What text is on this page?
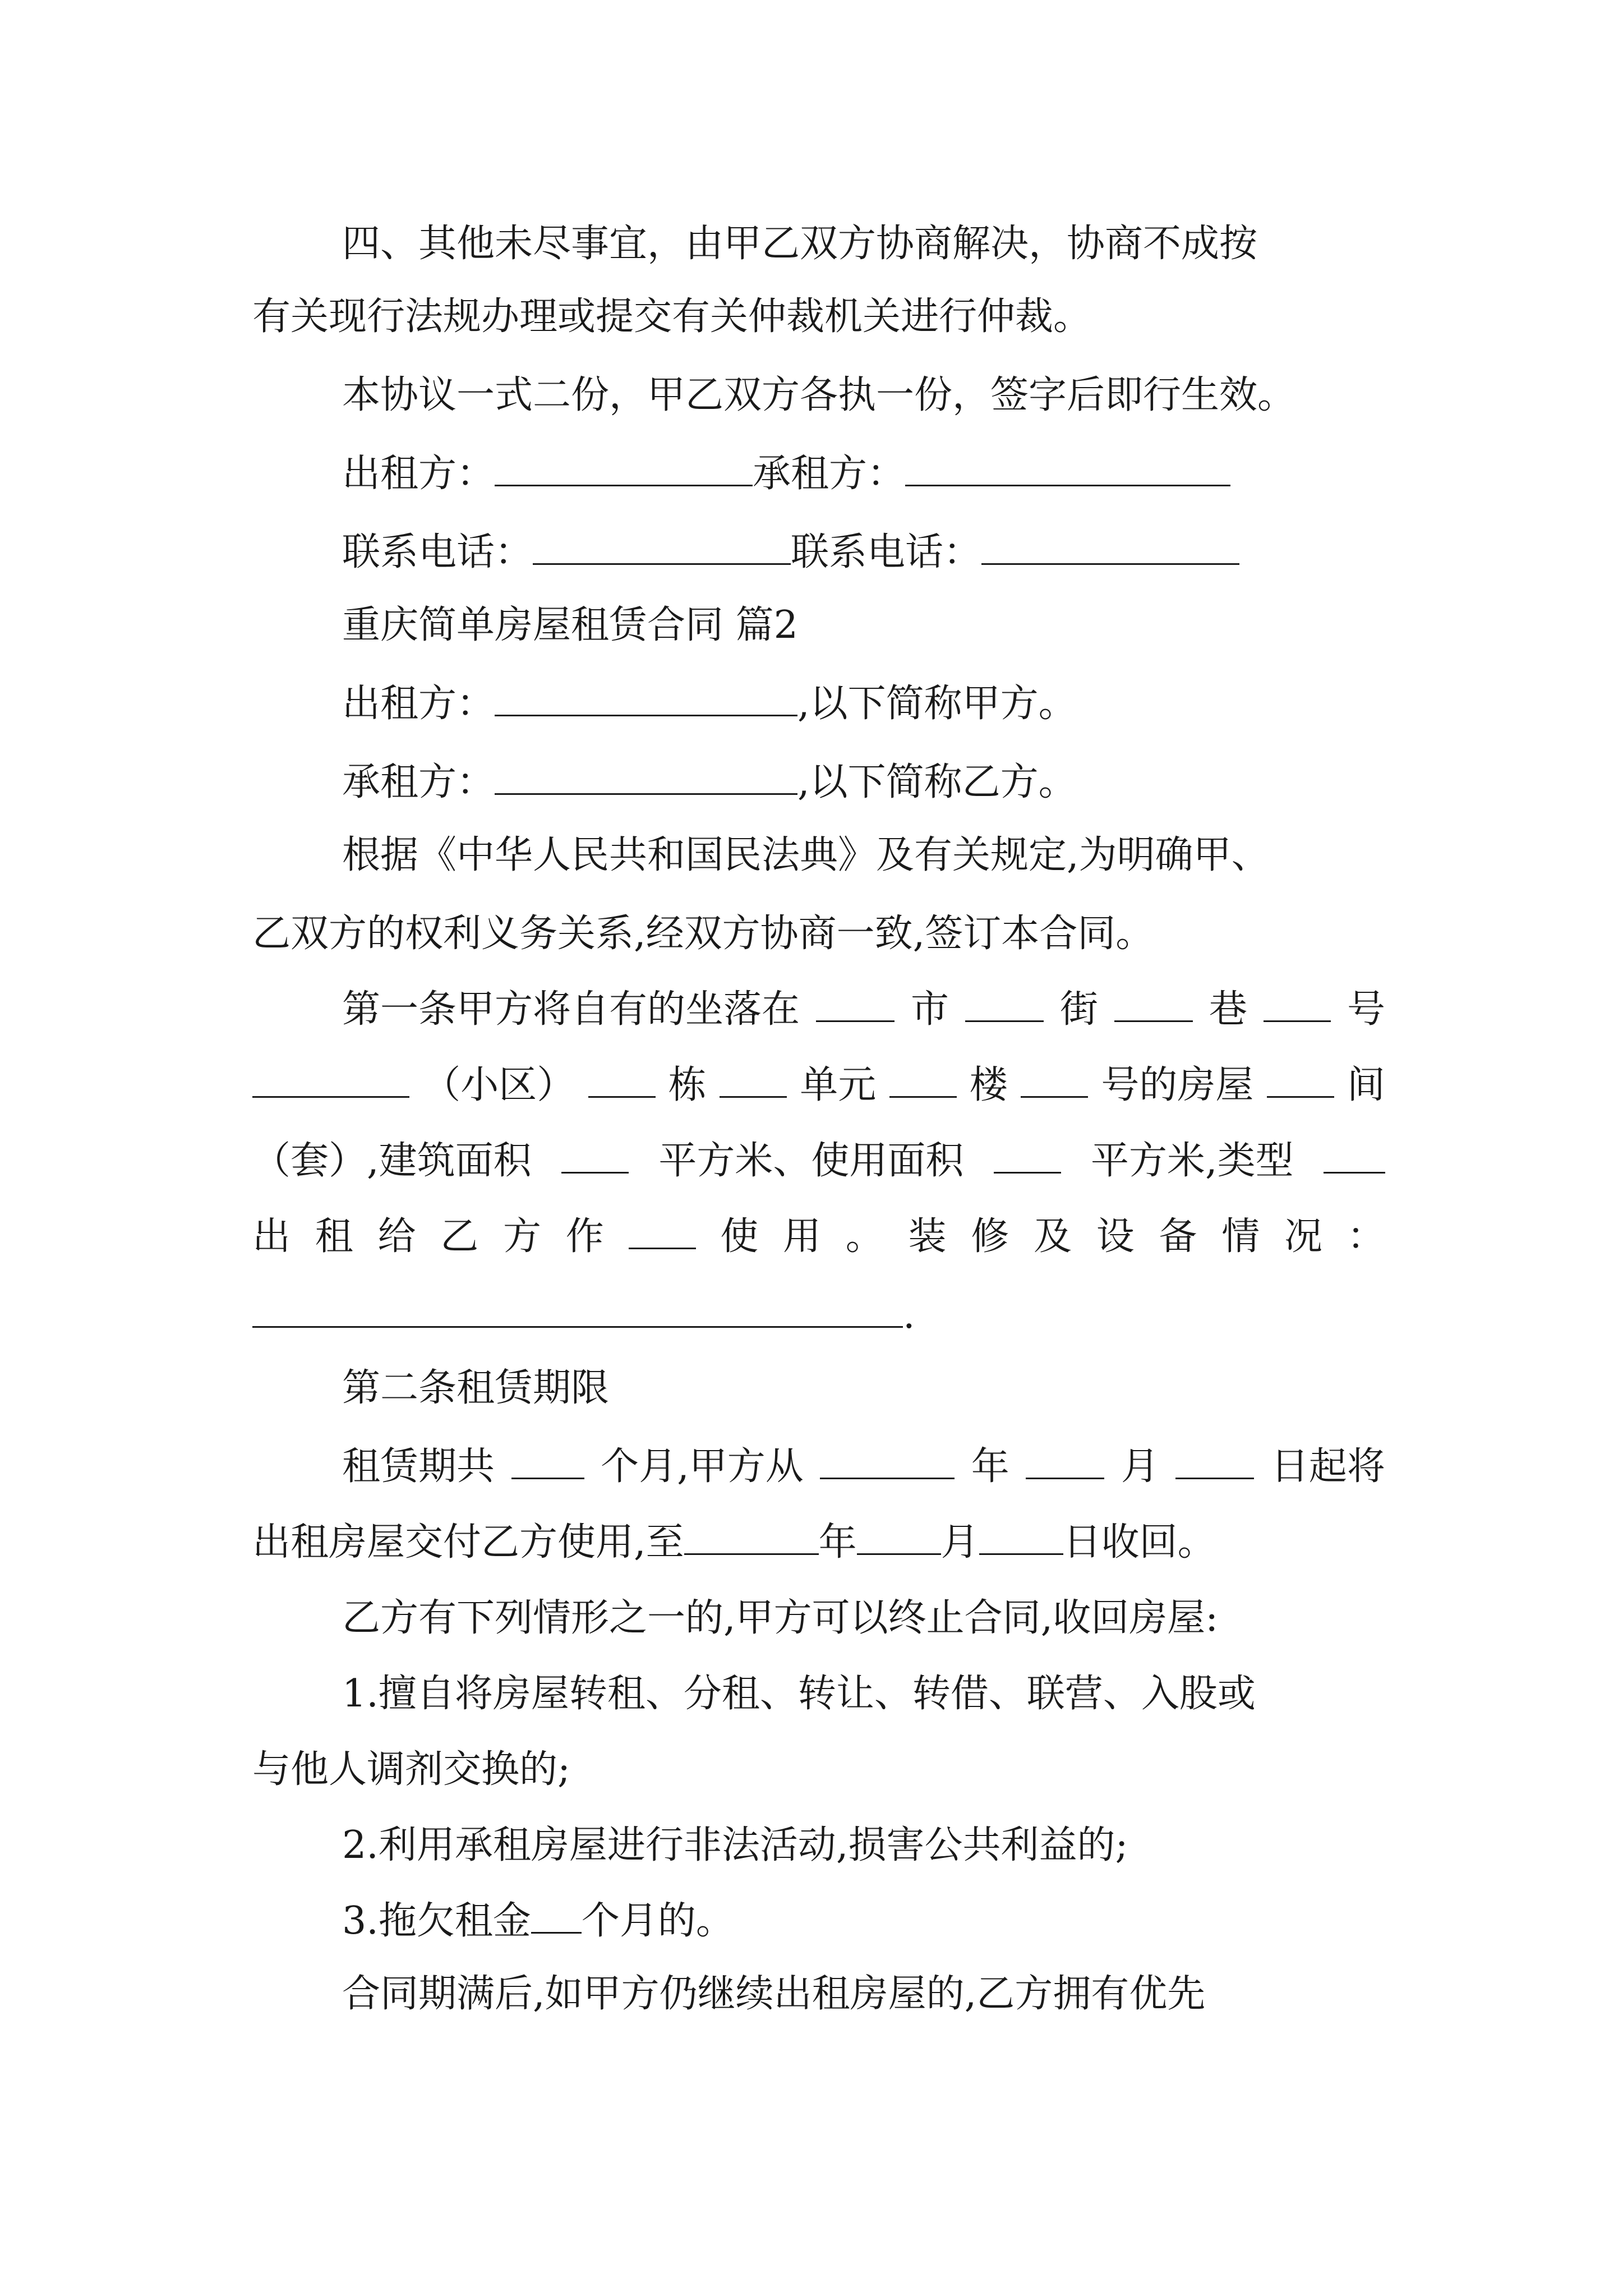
四、其他未尽事宜，由甲乙双方协商解决，协商不成按
有关现行法规办理或提交有关仲裁机关进行仲裁。
本协议一式二份，甲乙双方各执一份，签字后即行生效。
出租方：	承租方：
联系电话：	联系电话：
重庆简单房屋租赁合同 篇2
出租方：	,以下简称甲方。
承租方：	,以下简称乙方。
根据《中华人民共和国民法典》及有关规定,为明确甲、
乙双方的权利义务关系,经双方协商一致,签订本合同。
第一条甲方将自有的坐落在	市	街	巷	号
（小区） 栋 单元 楼 号的房屋 间
（套）,建筑面积	平方米、使用面积	平方米,类型
出 租 给 乙 方 作	使 用 。 装 修 及 设 备 情 况 ：
.
第二条租赁期限
租赁期共	个月,甲方从	年	月	日起将
出租房屋交付乙方使用,至	年 月 日收回。
乙方有下列情形之一的,甲方可以终止合同,收回房屋:
1.擅自将房屋转租、分租、转让、转借、联营、入股或
与他人调剂交换的;
2.利用承租房屋进行非法活动,损害公共利益的;
3.拖欠租金 个月的。
合同期满后,如甲方仍继续出租房屋的,乙方拥有优先
